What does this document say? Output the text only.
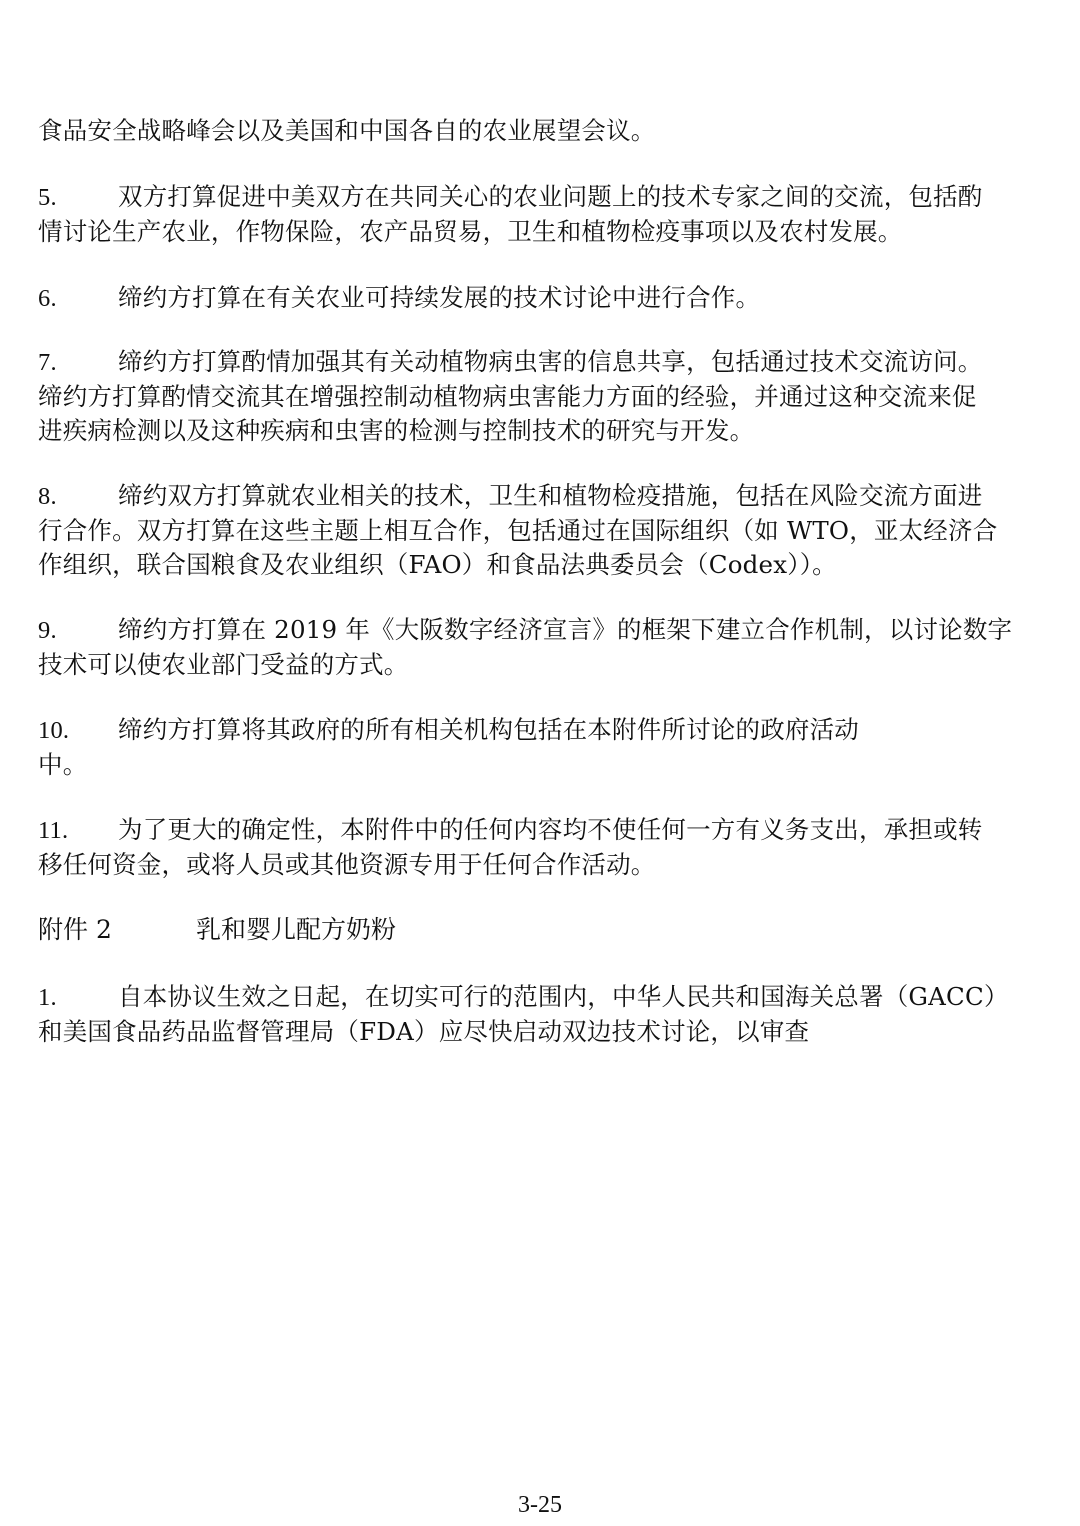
食品安全战略峰会以及美国和中国各自的农业展望会议。
5. 双方打算促进中美双方在共同关心的农业问题上的技术专家之间的交流，包括酌
情讨论生产农业，作物保险，农产品贸易，卫生和植物检疫事项以及农村发展。
6. 缔约方打算在有关农业可持续发展的技术讨论中进行合作。
7. 缔约方打算酌情加强其有关动植物病虫害的信息共享，包括通过技术交流访问。
缔约方打算酌情交流其在增强控制动植物病虫害能力方面的经验，并通过这种交流来促
进疾病检测以及这种疾病和虫害的检测与控制技术的研究与开发。
8. 缔约双方打算就农业相关的技术，卫生和植物检疫措施，包括在风险交流方面进
行合作。双方打算在这些主题上相互合作，包括通过在国际组织（如 WTO，亚太经济合
作组织，联合国粮食及农业组织（FAO）和食品法典委员会（Codex））。
9. 缔约方打算在 2019 年《大阪数字经济宣言》的框架下建立合作机制，以讨论数字
技术可以使农业部门受益的方式。
10. 缔约方打算将其政府的所有相关机构包括在本附件所讨论的政府活动
中。
11. 为了更大的确定性，本附件中的任何内容均不使任何一方有义务支出，承担或转
移任何资金，或将人员或其他资源专用于任何合作活动。
附件 2	乳和婴儿配方奶粉
1. 自本协议生效之日起，在切实可行的范围内，中华人民共和国海关总署（GACC）
和美国食品药品监督管理局（FDA）应尽快启动双边技术讨论，以审查
3-25
